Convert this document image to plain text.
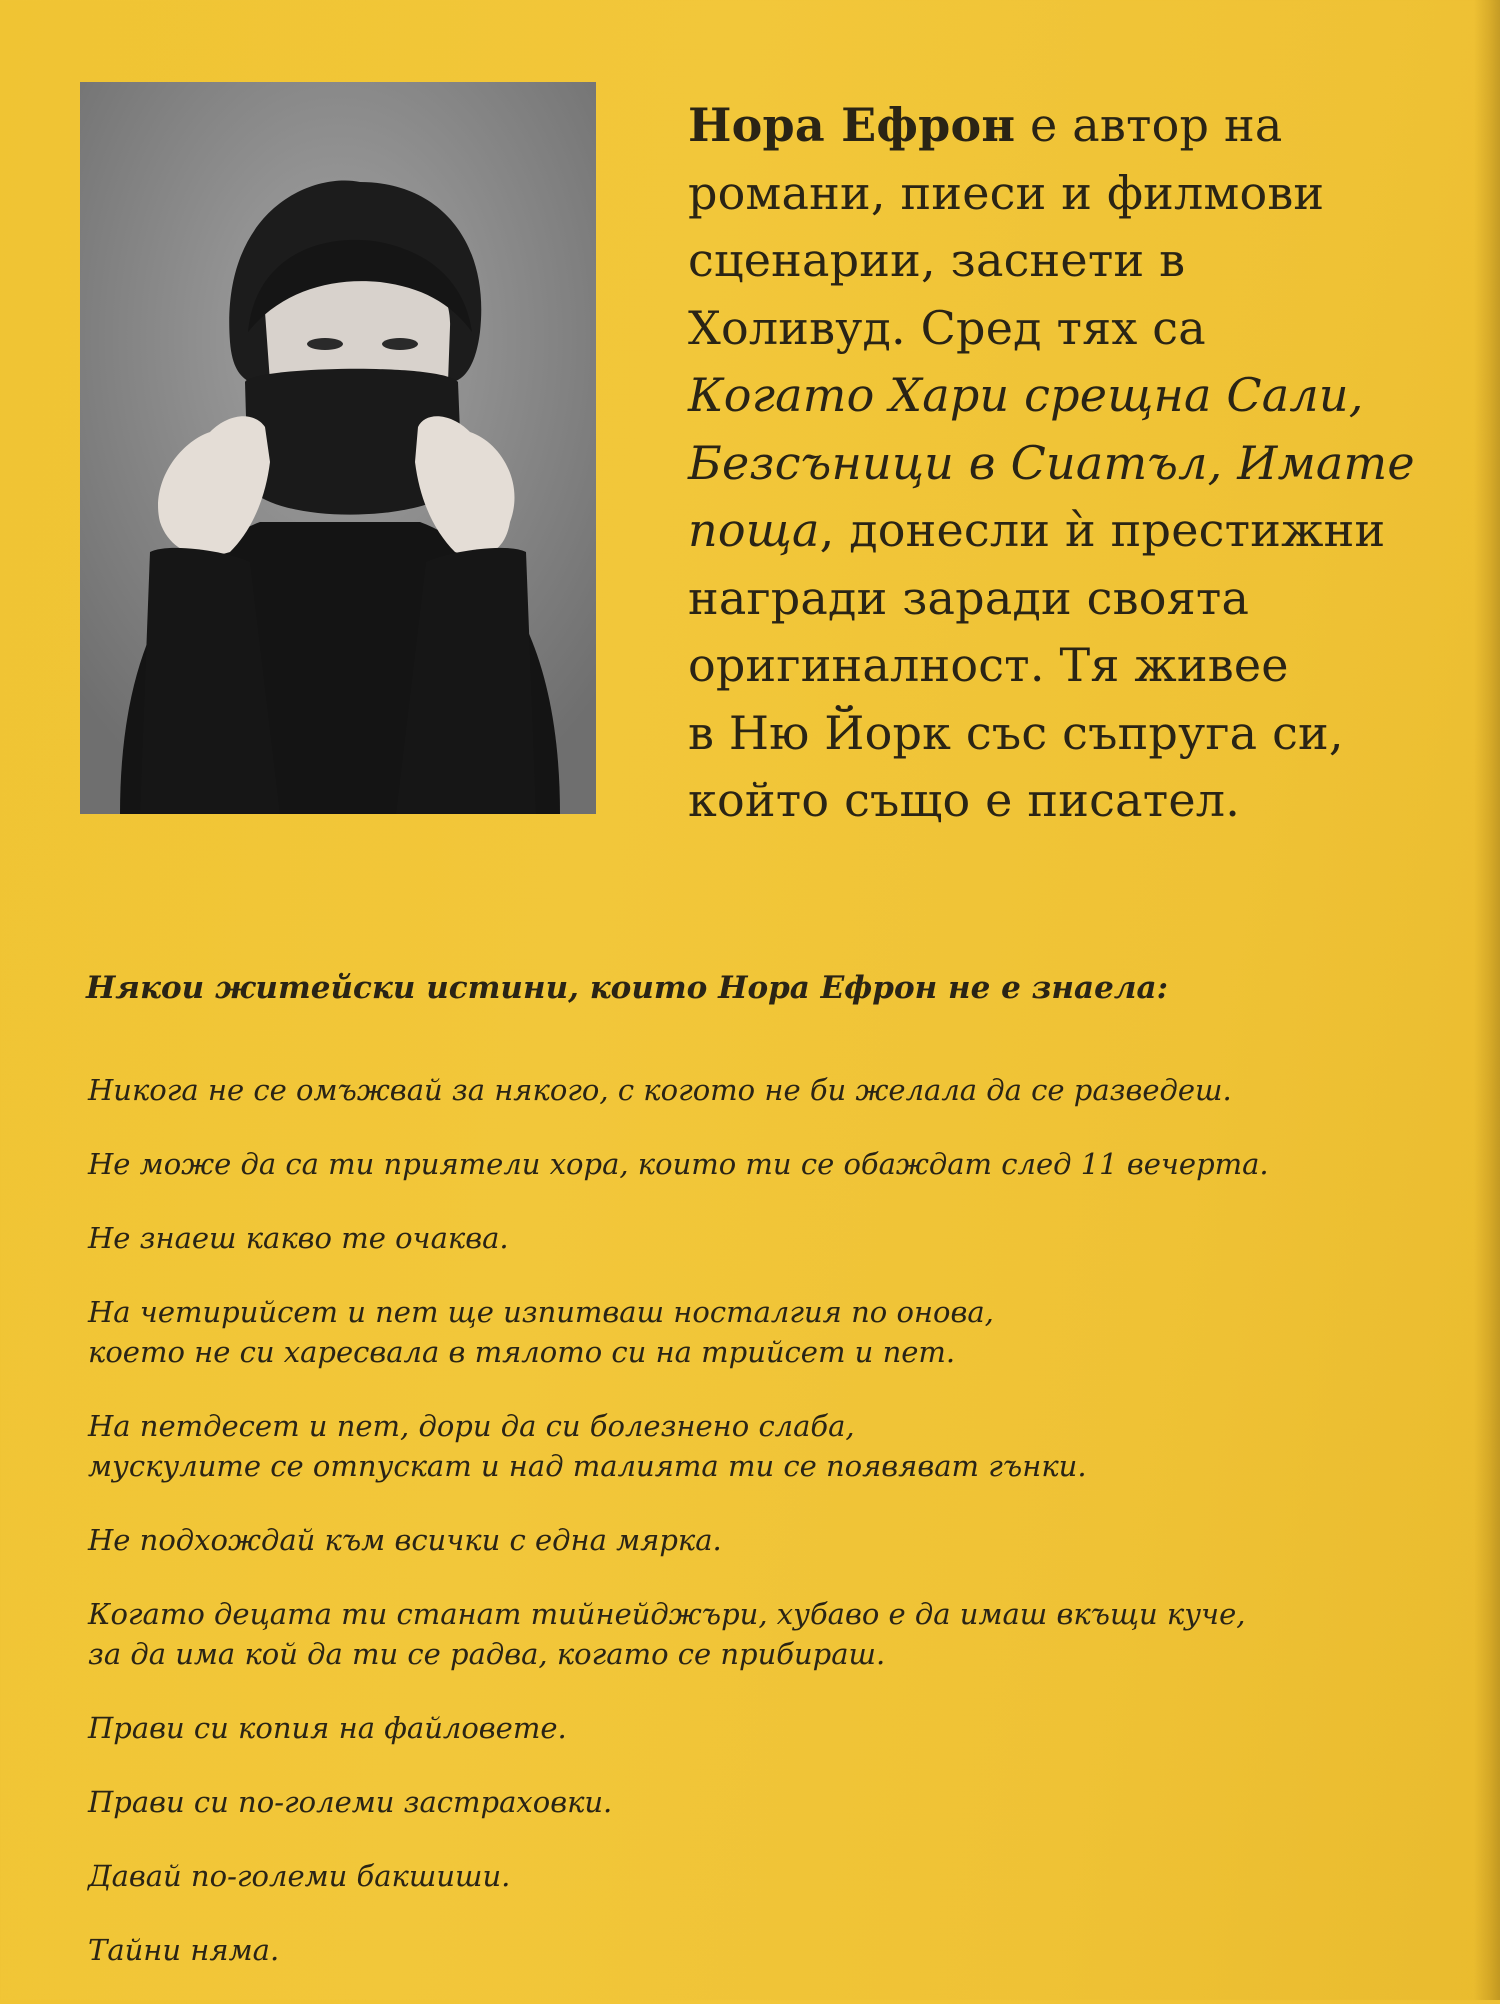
Нора Ефрон е автор на
романи, пиеси и филмови
сценарии, заснети в
Холивуд. Сред тях са
Когато Хари срещна Сали,
Безсъници в Сиатъл, Имате
поща, донесли ѝ престижни
награди заради своята
оригиналност. Тя живее
в Ню Йорк със съпруга си,
който също е писател.
Някои житейски истини, които Нора Ефрон не е знаела:
Никога не се омъжвай за някого, с когото не би желала да се разведеш.
Не може да са ти приятели хора, които ти се обаждат след 11 вечерта.
Не знаеш какво те очаква.
На четирийсет и пет ще изпитваш носталгия по онова,
което не си харесвала в тялото си на трийсет и пет.
На петдесет и пет, дори да си болезнено слаба,
мускулите се отпускат и над талията ти се появяват гънки.
Не подхождай към всички с една мярка.
Когато децата ти станат тийнейджъри, хубаво е да имаш вкъщи куче,
за да има кой да ти се радва, когато се прибираш.
Прави си копия на файловете.
Прави си по-големи застраховки.
Давай по-големи бакшиши.
Тайни няма.
